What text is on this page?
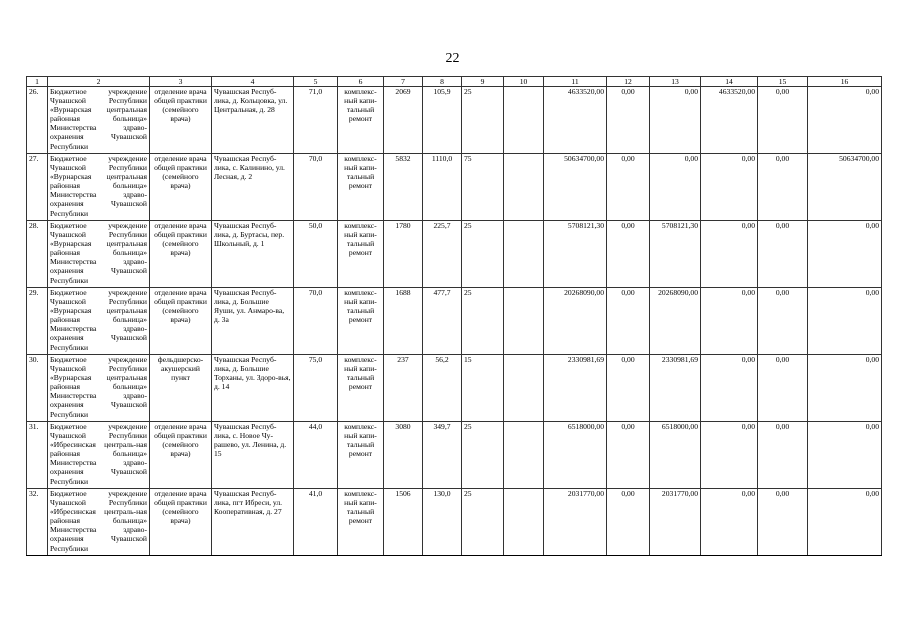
22
1	2	3	4	5	6	7	8	9	10	11	12	13	14	15	16
26.	Бюджетное учреждение Чувашской Республики «Вурнарская центральная районная больница» Министерства здраво-охранения Чувашской Республики	отделение врача общей практики (семейного врача)	Чувашская Респуб-лика, д. Кольцовка, ул. Центральная, д. 28	71,0	комплекс-ный капи-тальный ремонт	2069	105,9	25		4633520,00	0,00	0,00	4633520,00	0,00	0,00
27.	Бюджетное учреждение Чувашской Республики «Вурнарская центральная районная больница» Министерства здраво-охранения Чувашской Республики	отделение врача общей практики (семейного врача)	Чувашская Респуб-лика, с. Калинино, ул. Лесная, д. 2	70,0	комплекс-ный капи-тальный ремонт	5832	1110,0	75		50634700,00	0,00	0,00	0,00	0,00	50634700,00
28.	Бюджетное учреждение Чувашской Республики «Вурнарская центральная районная больница» Министерства здраво-охранения Чувашской Республики	отделение врача общей практики (семейного врача)	Чувашская Респуб-лика, д. Буртасы, пер. Школьный, д. 1	50,0	комплекс-ный капи-тальный ремонт	1780	225,7	25		5708121,30	0,00	5708121,30	0,00	0,00	0,00
29.	Бюджетное учреждение Чувашской Республики «Вурнарская центральная районная больница» Министерства здраво-охранения Чувашской Республики	отделение врача общей практики (семейного врача)	Чувашская Респуб-лика, д. Большие Яуши, ул. Анмаро-ва, д. 3а	70,0	комплекс-ный капи-тальный ремонт	1688	477,7	25		20268090,00	0,00	20268090,00	0,00	0,00	0,00
30.	Бюджетное учреждение Чувашской Республики «Вурнарская центральная районная больница» Министерства здраво-охранения Чувашской Республики	фельдшерско-акушерский пункт	Чувашская Респуб-лика, д. Большие Торханы, ул. Здоро-вья, д. 14	75,0	комплекс-ный капи-тальный ремонт	237	56,2	15		2330981,69	0,00	2330981,69	0,00	0,00	0,00
31.	Бюджетное учреждение Чувашской Республики «Ибресинская централь-ная районная больница» Министерства здраво-охранения Чувашской Республики	отделение врача общей практики (семейного врача)	Чувашская Респуб-лика, с. Новое Чу-рашево, ул. Ленина, д. 15	44,0	комплекс-ный капи-тальный ремонт	3080	349,7	25		6518000,00	0,00	6518000,00	0,00	0,00	0,00
32.	Бюджетное учреждение Чувашской Республики «Ибресинская централь-ная районная больница» Министерства здраво-охранения Чувашской Республики	отделение врача общей практики (семейного врача)	Чувашская Респуб-лика, пгт Ибреси, ул. Кооперативная, д. 27	41,0	комплекс-ный капи-тальный ремонт	1506	130,0	25		2031770,00	0,00	2031770,00	0,00	0,00	0,00
